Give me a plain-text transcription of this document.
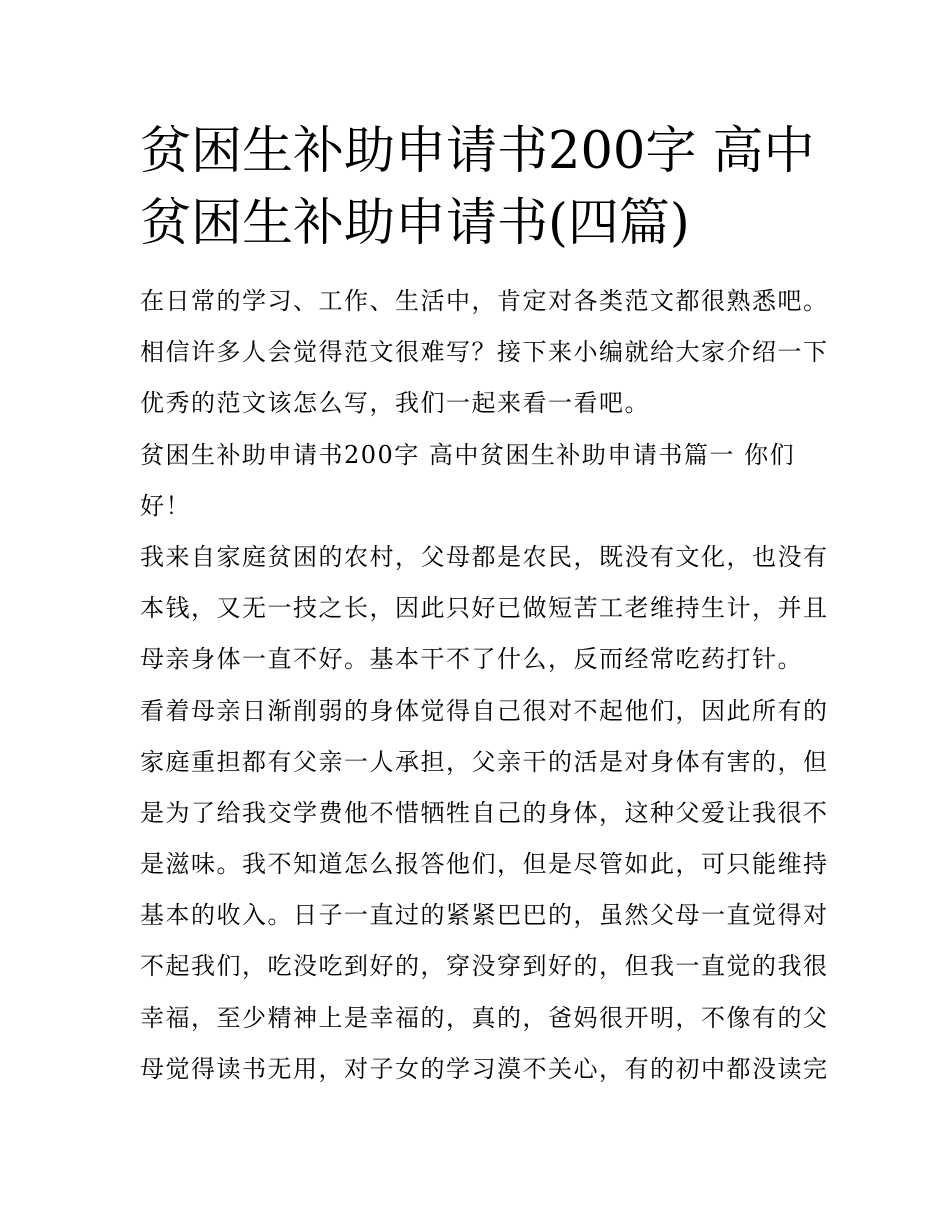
贫困生补助申请书200字 高中
贫困生补助申请书(四篇)
在日常的学习、工作、生活中，肯定对各类范文都很熟悉吧。
相信许多人会觉得范文很难写？接下来小编就给大家介绍一下
优秀的范文该怎么写，我们一起来看一看吧。
贫困生补助申请书200字 高中贫困生补助申请书篇一 你们
好！
我来自家庭贫困的农村，父母都是农民，既没有文化，也没有
本钱，又无一技之长，因此只好已做短苦工老维持生计，并且
母亲身体一直不好。基本干不了什么，反而经常吃药打针。
看着母亲日渐削弱的身体觉得自己很对不起他们，因此所有的
家庭重担都有父亲一人承担，父亲干的活是对身体有害的，但
是为了给我交学费他不惜牺牲自己的身体，这种父爱让我很不
是滋味。我不知道怎么报答他们，但是尽管如此，可只能维持
基本的收入。日子一直过的紧紧巴巴的，虽然父母一直觉得对
不起我们，吃没吃到好的，穿没穿到好的，但我一直觉的我很
幸福，至少精神上是幸福的，真的，爸妈很开明，不像有的父
母觉得读书无用，对子女的学习漠不关心，有的初中都没读完
